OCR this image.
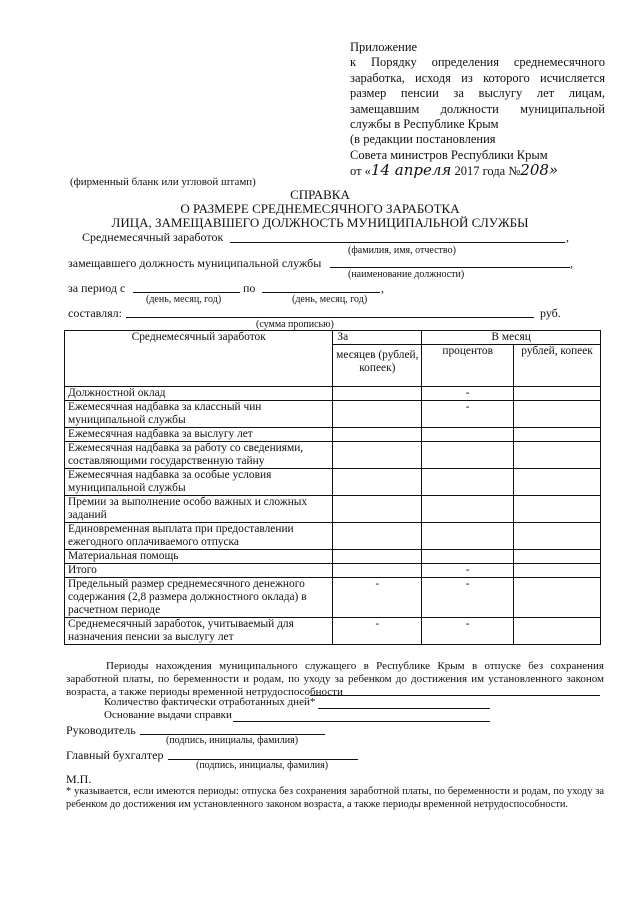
Приложение
к Порядку определения среднемесячного
заработка, исходя из которого исчисляется
размер пенсии за выслугу лет лицам,
замещавшим должности муниципальной
службы в Республике Крым
(в редакции постановления
Совета министров Республики Крым
от «14 апреля 2017 года №208»
(фирменный бланк или угловой штамп)
СПРАВКА
О РАЗМЕРЕ СРЕДНЕМЕСЯЧНОГО ЗАРАБОТКА
ЛИЦА, ЗАМЕЩАВШЕГО ДОЛЖНОСТЬ МУНИЦИПАЛЬНОЙ СЛУЖБЫ
Среднемесячный заработок	,
(фамилия, имя, отчество)
замещавшего должность муниципальной службы	,
(наименование должности)
за период с	по	,
(день, месяц, год)	(день, месяц, год)
составлял:	руб.
(сумма прописью)
Среднемесячный заработок	За
месяцев (рублей, копеек)	В месяц	
		процентов	рублей, копеек
Должностной оклад		-	
Ежемесячная надбавка за классный чин муниципальной службы		-	
Ежемесячная надбавка за выслугу лет			
Ежемесячная надбавка за работу со сведениями, составляющими государственную тайну			
Ежемесячная надбавка за особые условия муниципальной службы			
Премии за выполнение особо важных и сложных заданий			
Единовременная выплата при предоставлении ежегодного оплачиваемого отпуска			
Материальная помощь			
Итого		-	
Предельный размер среднемесячного денежного содержания (2,8 размера должностного оклада) в расчетном периоде	-	-	
Среднемесячный заработок, учитываемый для назначения пенсии за выслугу лет	-	-	
Периоды нахождения муниципального служащего в Республике Крым в отпуске без сохранения заработной платы, по беременности и родам, по уходу за ребенком до достижения им установленного законом возраста, а также периоды временной нетрудоспособности
Количество фактически отработанных дней*
Основание выдачи справки
Руководитель
(подпись, инициалы, фамилия)
Главный бухгалтер
(подпись, инициалы, фамилия)
М.П.
* указывается, если имеются периоды: отпуска без сохранения заработной платы, по беременности и родам, по уходу за ребенком до достижения им установленного законом возраста, а также периоды временной нетрудоспособности.
